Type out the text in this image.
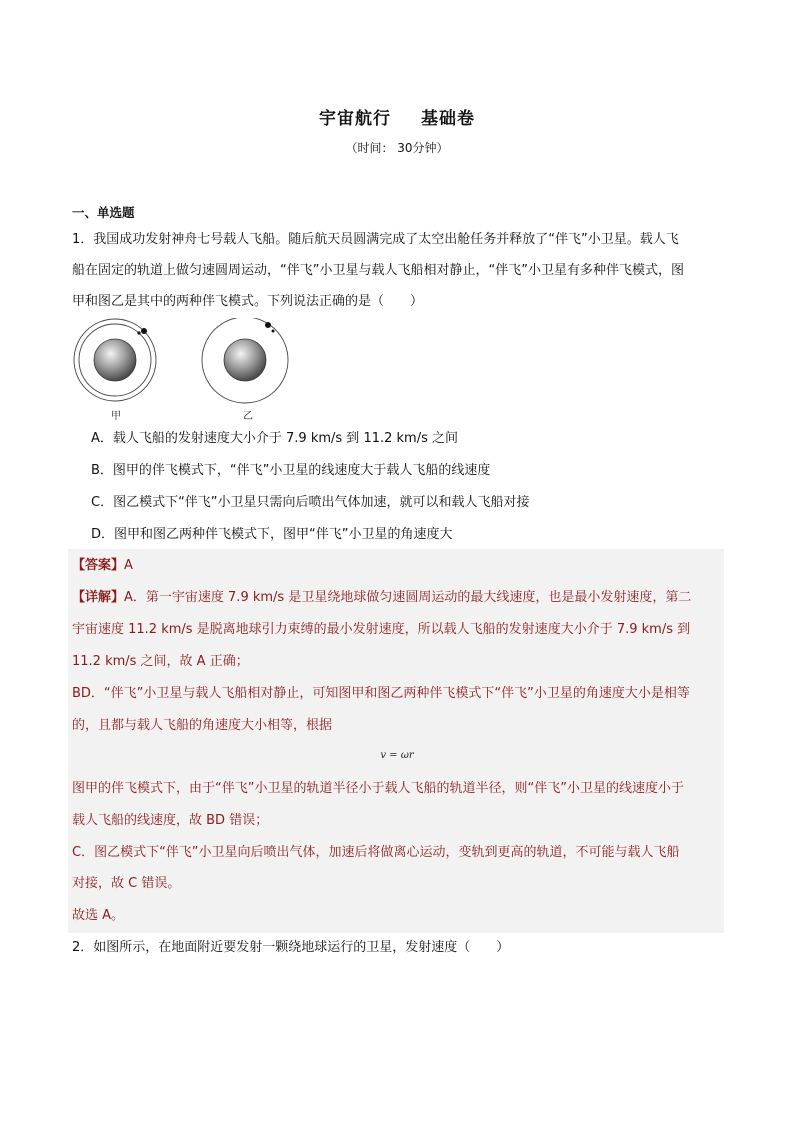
宇宙航行 基础卷
（时间： 30分钟）
一、单选题
1．我国成功发射神舟七号载人飞船。随后航天员圆满完成了太空出舱任务并释放了“伴飞”小卫星。载人飞
船在固定的轨道上做匀速圆周运动，“伴飞”小卫星与载人飞船相对静止，“伴飞”小卫星有多种伴飞模式，图
甲和图乙是其中的两种伴飞模式。下列说法正确的是（　　）
甲	乙
A．载人飞船的发射速度大小介于 7.9 km/s 到 11.2 km/s 之间
B．图甲的伴飞模式下，“伴飞”小卫星的线速度大于载人飞船的线速度
C．图乙模式下“伴飞”小卫星只需向后喷出气体加速，就可以和载人飞船对接
D．图甲和图乙两种伴飞模式下，图甲“伴飞”小卫星的角速度大
【答案】A
【详解】A．第一宇宙速度 7.9 km/s 是卫星绕地球做匀速圆周运动的最大线速度，也是最小发射速度，第二
宇宙速度 11.2 km/s 是脱离地球引力束缚的最小发射速度，所以载人飞船的发射速度大小介于 7.9 km/s 到
11.2 km/s 之间，故 A 正确；
BD．“伴飞”小卫星与载人飞船相对静止，可知图甲和图乙两种伴飞模式下“伴飞”小卫星的角速度大小是相等
的，且都与载人飞船的角速度大小相等，根据
v = ωr
图甲的伴飞模式下，由于“伴飞”小卫星的轨道半径小于载人飞船的轨道半径，则“伴飞”小卫星的线速度小于
载人飞船的线速度，故 BD 错误；
C．图乙模式下“伴飞”小卫星向后喷出气体，加速后将做离心运动，变轨到更高的轨道，不可能与载人飞船
对接，故 C 错误。
故选 A。
2．如图所示，在地面附近要发射一颗绕地球运行的卫星，发射速度（　　）
